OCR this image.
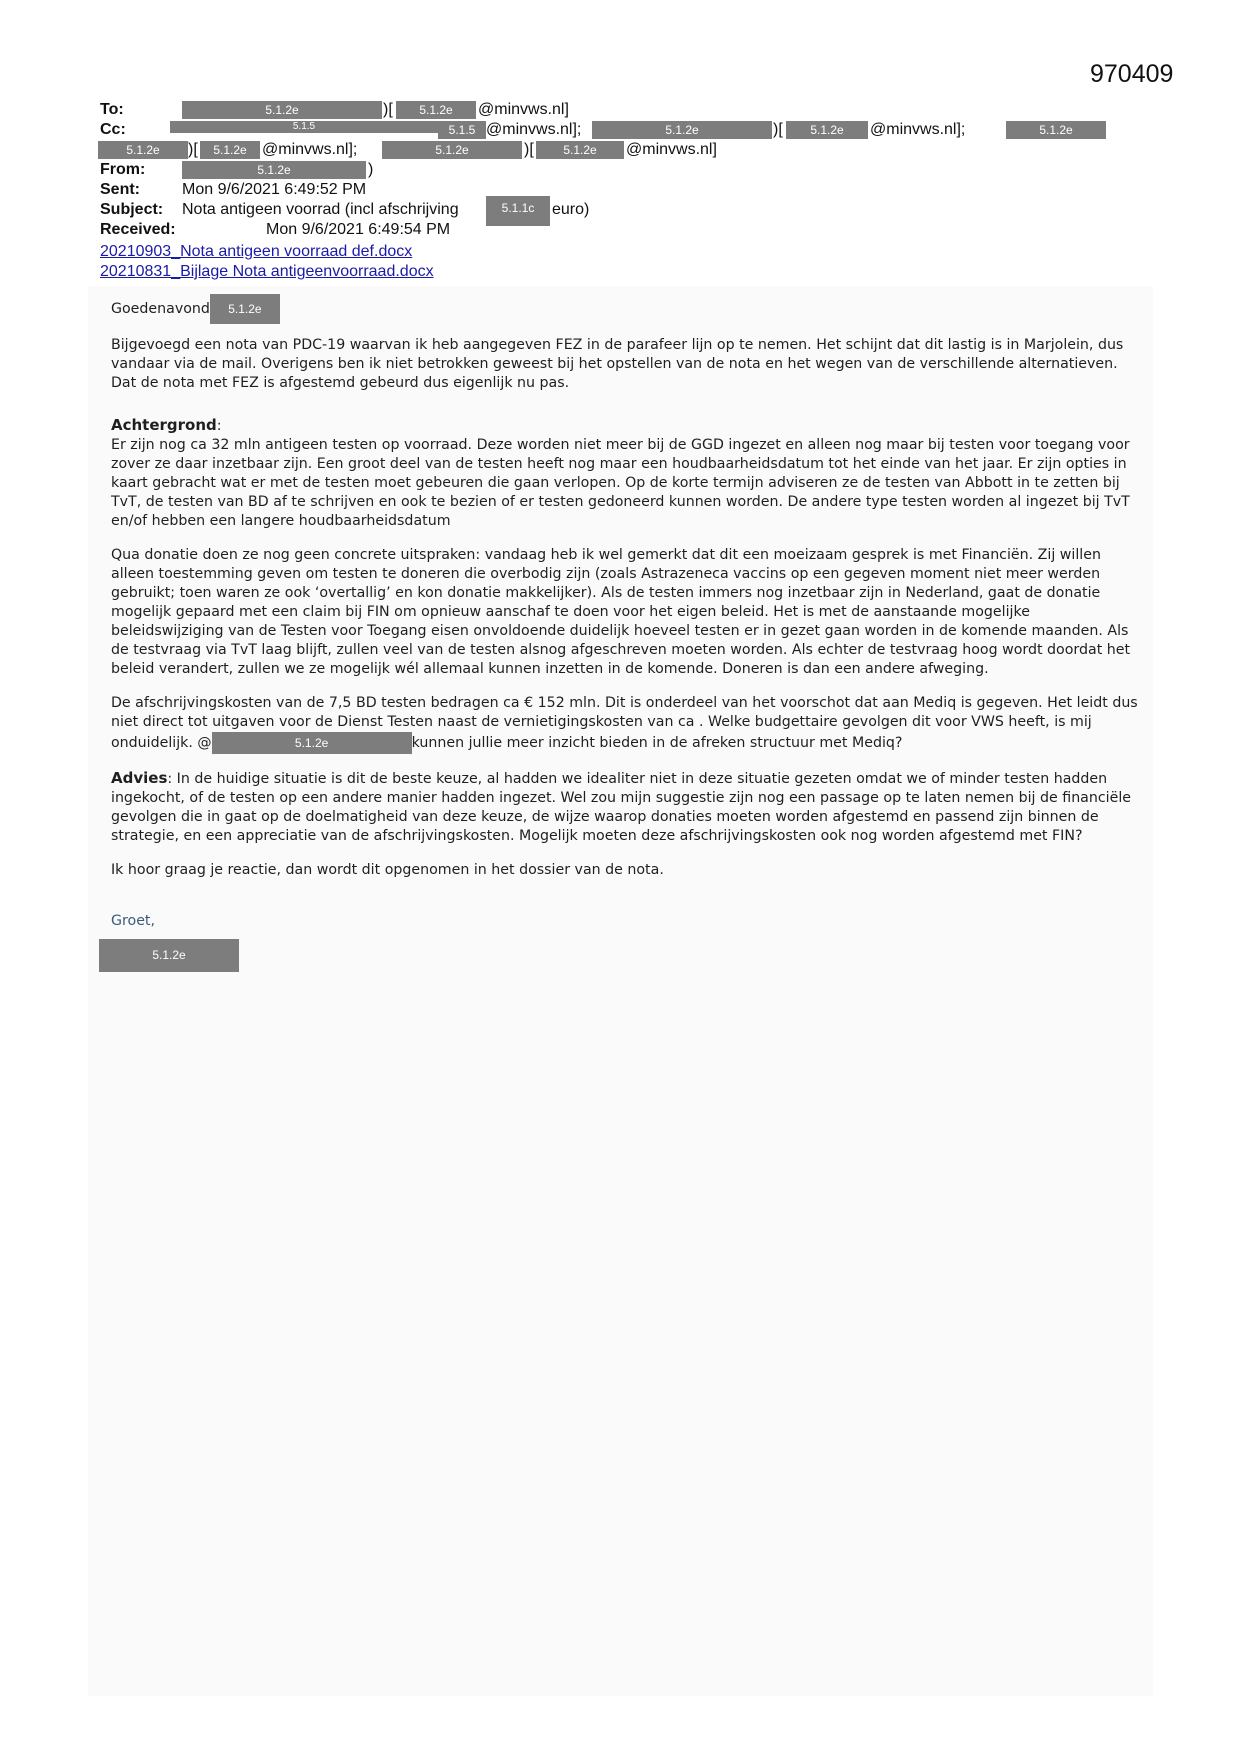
970409
To:	5.1.2e	)[	5.1.2e	@minvws.nl]
Cc:	5.1.5	5.1.5 @minvws.nl];	5.1.2e	)[	5.1.2e	@minvws.nl];	5.1.2e
5.1.2e	)[	5.1.2e @minvws.nl];	5.1.2e	)[	5.1.2e	@minvws.nl]
From:	5.1.2e	)
Sent:	Mon 9/6/2021 6:49:52 PM
Subject: Nota antigeen voorrad (incl afschrijving	5.1.1c	euro)
Received:	Mon 9/6/2021 6:49:54 PM
20210903_Nota antigeen voorraad def.docx
20210831_Bijlage Nota antigeenvoorraad.docx
Goedenavond	5.1.2e

Bijgevoegd een nota van PDC-19 waarvan ik heb aangegeven FEZ in de parafeer lijn op te nemen. Het schijnt dat dit lastig is in Marjolein, dus vandaar via de mail. Overigens ben ik niet betrokken geweest bij het opstellen van de nota en het wegen van de verschillende alternatieven. Dat de nota met FEZ is afgestemd gebeurd dus eigenlijk nu pas.

Achtergrond:
Er zijn nog ca 32 mln antigeen testen op voorraad. Deze worden niet meer bij de GGD ingezet en alleen nog maar bij testen voor toegang voor zover ze daar inzetbaar zijn. Een groot deel van de testen heeft nog maar een houdbaarheidsdatum tot het einde van het jaar. Er zijn opties in kaart gebracht wat er met de testen moet gebeuren die gaan verlopen. Op de korte termijn adviseren ze de testen van Abbott in te zetten bij TvT, de testen van BD af te schrijven en ook te bezien of er testen gedoneerd kunnen worden. De andere type testen worden al ingezet bij TvT en/of hebben een langere houdbaarheidsdatum

Qua donatie doen ze nog geen concrete uitspraken: vandaag heb ik wel gemerkt dat dit een moeizaam gesprek is met Financiën. Zij willen alleen toestemming geven om testen te doneren die overbodig zijn (zoals Astrazeneca vaccins op een gegeven moment niet meer werden gebruikt; toen waren ze ook ‘overtallig’ en kon donatie makkelijker). Als de testen immers nog inzetbaar zijn in Nederland, gaat de donatie mogelijk gepaard met een claim bij FIN om opnieuw aanschaf te doen voor het eigen beleid. Het is met de aanstaande mogelijke beleidswijziging van de Testen voor Toegang eisen onvoldoende duidelijk hoeveel testen er in gezet gaan worden in de komende maanden. Als de testvraag via TvT laag blijft, zullen veel van de testen alsnog afgeschreven moeten worden. Als echter de testvraag hoog wordt doordat het beleid verandert, zullen we ze mogelijk wél allemaal kunnen inzetten in de komende. Doneren is dan een andere afweging.

De afschrijvingskosten van de 7,5 BD testen bedragen ca € 152 mln. Dit is onderdeel van het voorschot dat aan Mediq is gegeven. Het leidt dus niet direct tot uitgaven voor de Dienst Testen naast de vernietigingskosten van ca . Welke budgettaire gevolgen dit voor VWS heeft, is mij onduidelijk. @	5.1.2e	kunnen jullie meer inzicht bieden in de afreken structuur met Mediq?

Advies: In de huidige situatie is dit de beste keuze, al hadden we idealiter niet in deze situatie gezeten omdat we of minder testen hadden ingekocht, of de testen op een andere manier hadden ingezet. Wel zou mijn suggestie zijn nog een passage op te laten nemen bij de financiële gevolgen die in gaat op de doelmatigheid van deze keuze, de wijze waarop donaties moeten worden afgestemd en passend zijn binnen de strategie, en een appreciatie van de afschrijvingskosten. Mogelijk moeten deze afschrijvingskosten ook nog worden afgestemd met FIN?

Ik hoor graag je reactie, dan wordt dit opgenomen in het dossier van de nota.

Groet,
5.1.2e
